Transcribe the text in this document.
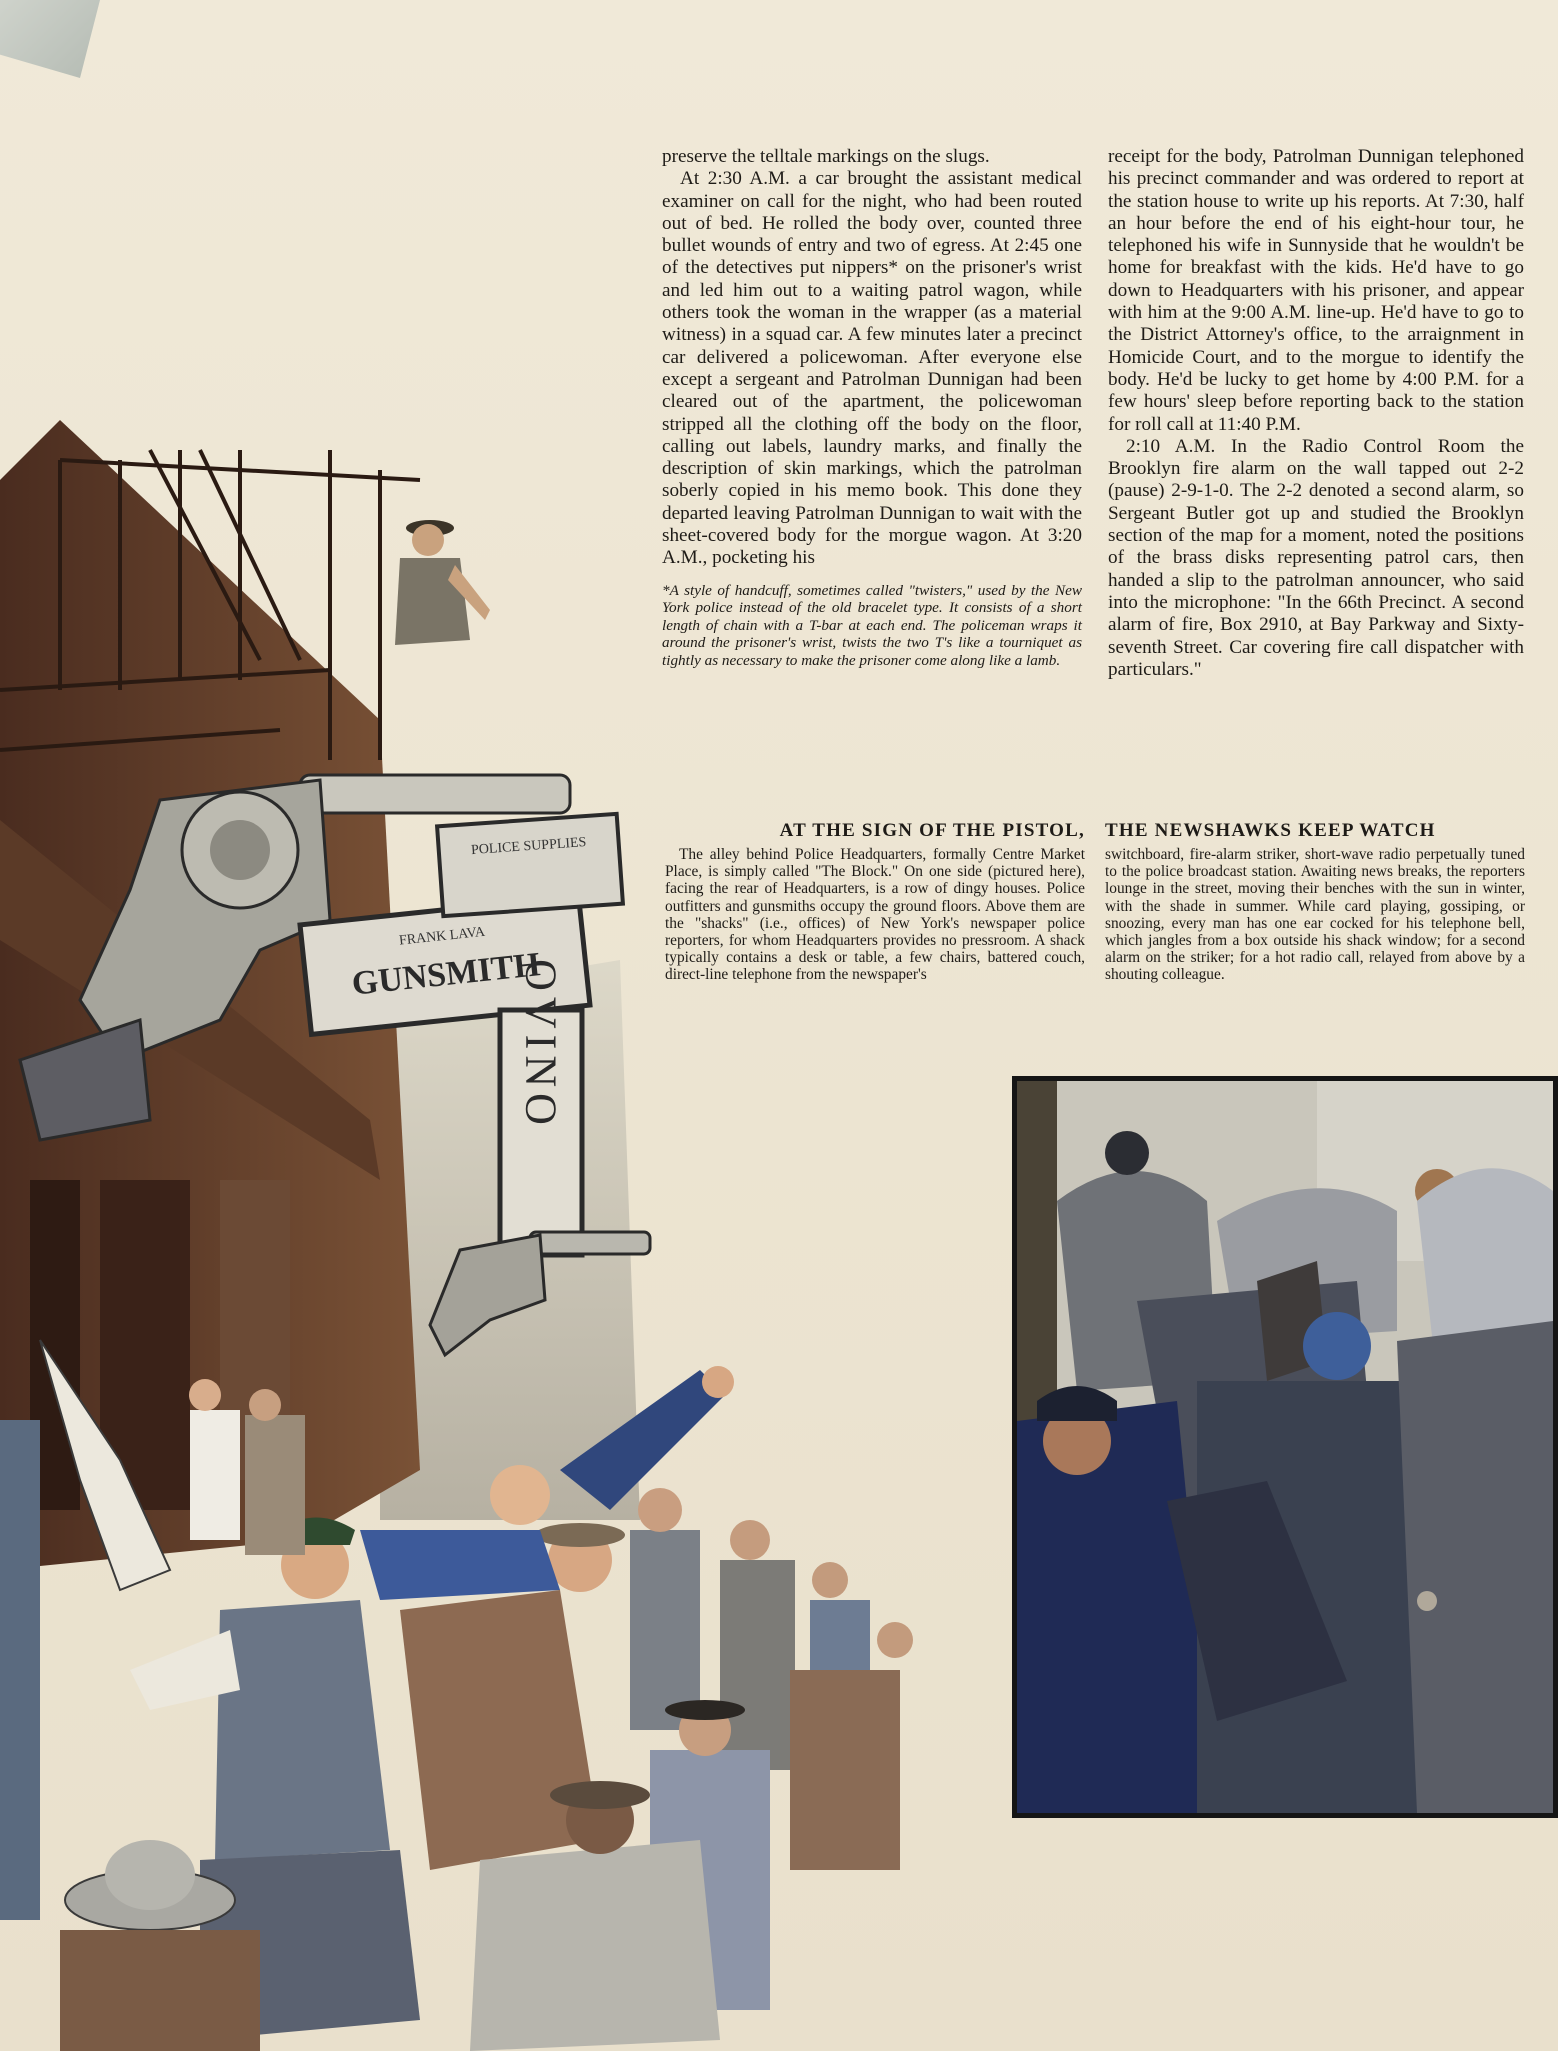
preserve the telltale markings on the slugs.

At 2:30 A.M. a car brought the assistant medical examiner on call for the night, who had been routed out of bed. He rolled the body over, counted three bullet wounds of entry and two of egress. At 2:45 one of the detectives put nippers* on the prisoner's wrist and led him out to a waiting patrol wagon, while others took the woman in the wrapper (as a material witness) in a squad car. A few minutes later a precinct car delivered a policewoman. After everyone else except a sergeant and Patrolman Dunnigan had been cleared out of the apartment, the policewoman stripped all the clothing off the body on the floor, calling out labels, laundry marks, and finally the description of skin markings, which the patrolman soberly copied in his memo book. This done they departed leaving Patrolman Dunnigan to wait with the sheet-covered body for the morgue wagon. At 3:20 A.M., pocketing his

*A style of handcuff, sometimes called "twisters," used by the New York police instead of the old bracelet type. It consists of a short length of chain with a T-bar at each end. The policeman wraps it around the prisoner's wrist, twists the two T's like a tourniquet as tightly as necessary to make the prisoner come along like a lamb.

receipt for the body, Patrolman Dunnigan telephoned his precinct commander and was ordered to report at the station house to write up his reports. At 7:30, half an hour before the end of his eight-hour tour, he telephoned his wife in Sunnyside that he wouldn't be home for breakfast with the kids. He'd have to go down to Headquarters with his prisoner, and appear with him at the 9:00 A.M. line-up. He'd have to go to the District Attorney's office, to the arraignment in Homicide Court, and to the morgue to identify the body. He'd be lucky to get home by 4:00 P.M. for a few hours' sleep before reporting back to the station for roll call at 11:40 P.M.

2:10 A.M. In the Radio Control Room the Brooklyn fire alarm on the wall tapped out 2-2 (pause) 2-9-1-0. The 2-2 denoted a second alarm, so Sergeant Butler got up and studied the Brooklyn section of the map for a moment, noted the positions of the brass disks representing patrol cars, then handed a slip to the patrolman announcer, who said into the microphone: "In the 66th Precinct. A second alarm of fire, Box 2910, at Bay Parkway and Sixty-seventh Street. Car covering fire call dispatcher with particulars."

AT THE SIGN OF THE PISTOL,	THE NEWSHAWKS KEEP WATCH
The alley behind Police Headquarters, formally Centre Market Place, is simply called "The Block." On one side (pictured here), facing the rear of Headquarters, is a row of dingy houses. Police outfitters and gunsmiths occupy the ground floors. Above them are the "shacks" (i.e., offices) of New York's newspaper police reporters, for whom Headquarters provides no pressroom. A shack typically contains a desk or table, a few chairs, battered couch, direct-line telephone from the newspaper's
switchboard, fire-alarm striker, short-wave radio perpetually tuned to the police broadcast station. Awaiting news breaks, the reporters lounge in the street, moving their benches with the sun in winter, with the shade in summer. While card playing, gossiping, or snoozing, every man has one ear cocked for his telephone bell, which jangles from a box outside his shack window; for a second alarm on the striker; for a hot radio call, relayed from above by a shouting colleague.
FRANK LAVA
GUNSMITH
POLICE SUPPLIES
OVINO
